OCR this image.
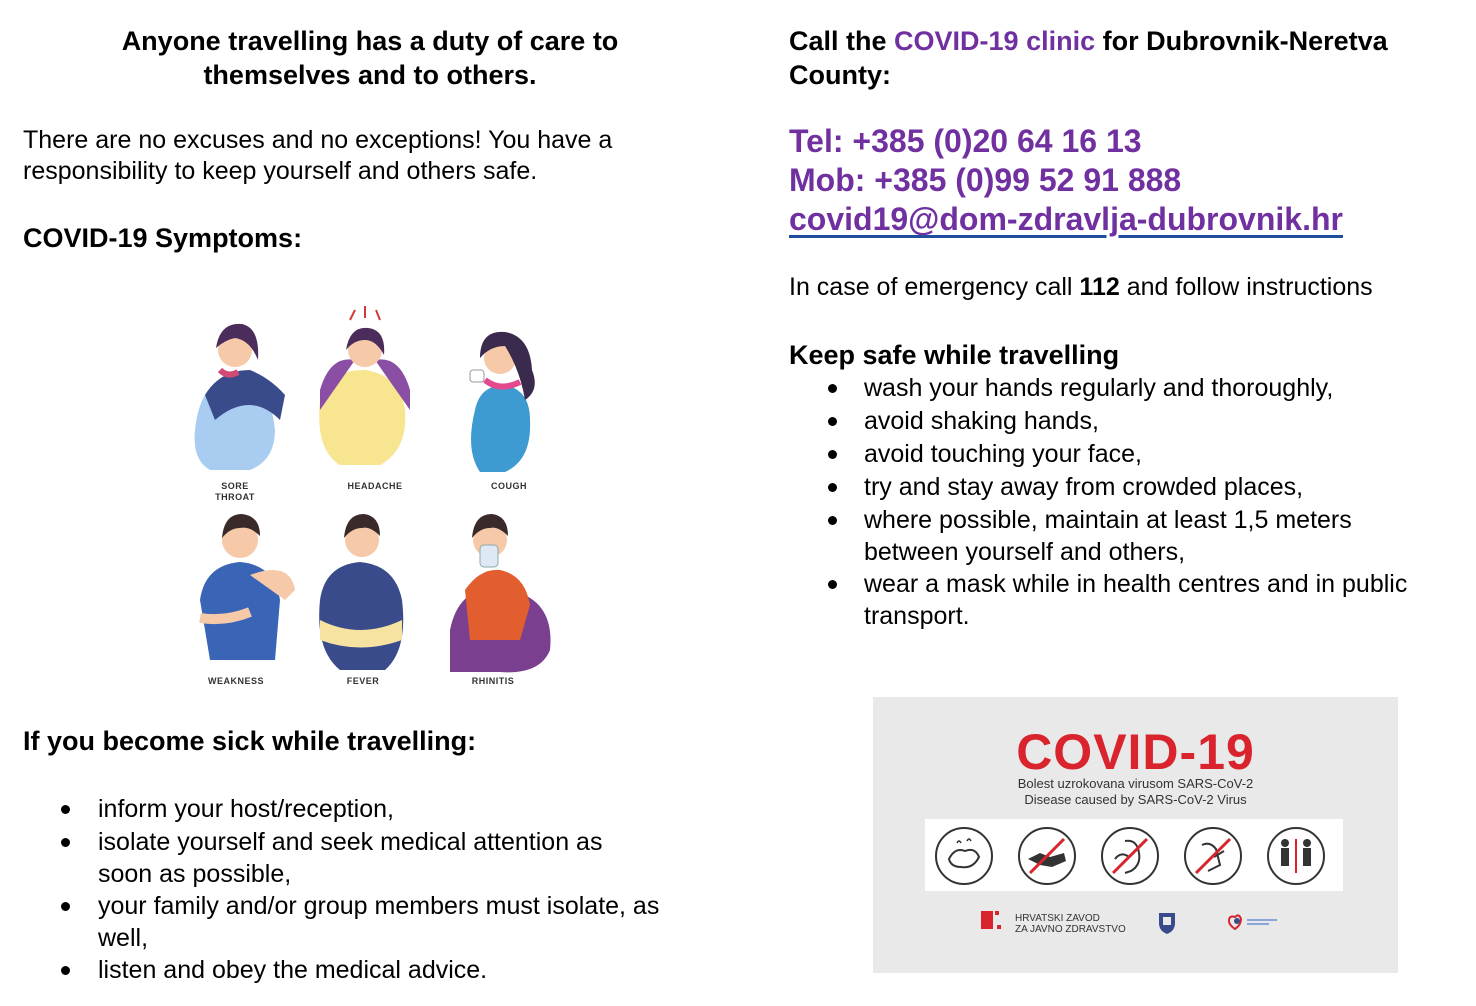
Anyone travelling has a duty of care to
themselves and to others.
There are no excuses and no exceptions! You have a
responsibility to keep yourself and others safe.
COVID-19 Symptoms:
SORE
THROAT
HEADACHE	COUGH
WEAKNESS	FEVER	RHINITIS
If you become sick while travelling:
inform your host/reception,
isolate yourself and seek medical attention as
soon as possible,
your family and/or group members must isolate, as
well,
listen and obey the medical advice.
Call the COVID-19 clinic for Dubrovnik-Neretva
County:
Tel: +385 (0)20 64 16 13
Mob: +385 (0)99 52 91 888
covid19@dom-zdravlja-dubrovnik.hr
In case of emergency call 112 and follow instructions
Keep safe while travelling
wash your hands regularly and thoroughly,
avoid shaking hands,
avoid touching your face,
try and stay away from crowded places,
where possible, maintain at least 1,5 meters
between yourself and others,
wear a mask while in health centres and in public
transport.
COVID-19
Bolest uzrokovana virusom SARS-CoV-2
Disease caused by SARS-CoV-2 Virus
HRVATSKI ZAVOD
ZA JAVNO ZDRAVSTVO
